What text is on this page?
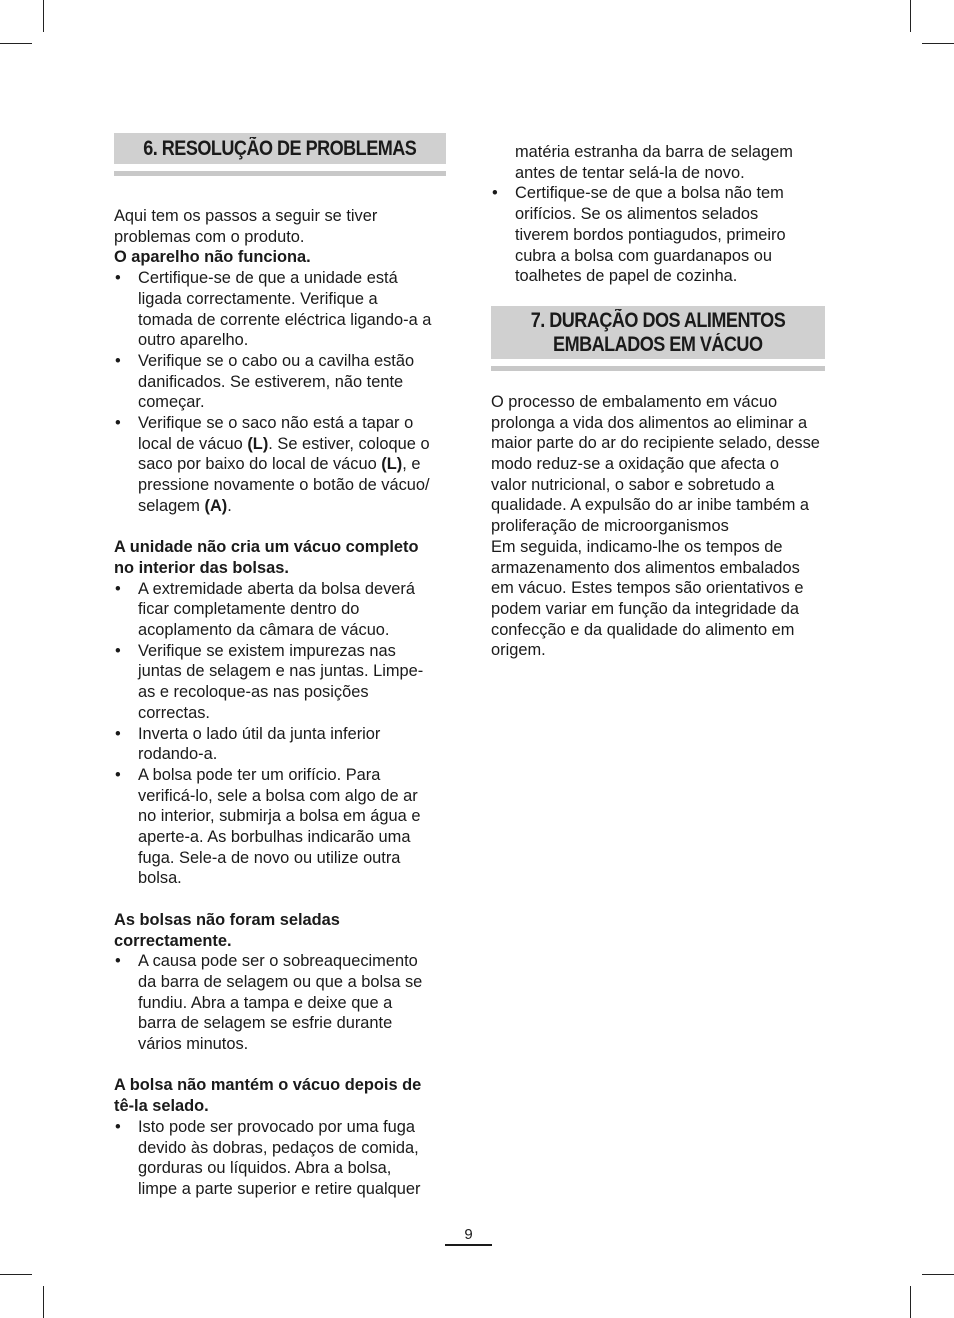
6. RESOLUÇÃO DE PROBLEMAS

Aqui tem os passos a seguir se tiver
problemas com o produto.

O aparelho não funciona.

• Certifique-se de que a unidade está
ligada correctamente. Verifique a
tomada de corrente eléctrica ligando-a a
outro aparelho.
• Verifique se o cabo ou a cavilha estão
danificados. Se estiverem, não tente
começar.
• Verifique se o saco não está a tapar o
local de vácuo (L). Se estiver, coloque o
saco por baixo do local de vácuo (L), e
pressione novamente o botão de vácuo/
selagem (A).

A unidade não cria um vácuo completo
no interior das bolsas.

• A extremidade aberta da bolsa deverá
ficar completamente dentro do
acoplamento da câmara de vácuo.
• Verifique se existem impurezas nas
juntas de selagem e nas juntas. Limpe-
as e recoloque-as nas posições
correctas.
• Inverta o lado útil da junta inferior
rodando-a.
• A bolsa pode ter um orifício. Para
verificá-lo, sele a bolsa com algo de ar
no interior, submirja a bolsa em água e
aperte-a. As borbulhas indicarão uma
fuga. Sele-a de novo ou utilize outra
bolsa.

As bolsas não foram seladas
correctamente.

• A causa pode ser o sobreaquecimento
da barra de selagem ou que a bolsa se
fundiu. Abra a tampa e deixe que a
barra de selagem se esfrie durante
vários minutos.

A bolsa não mantém o vácuo depois de
tê-la selado.

• Isto pode ser provocado por uma fuga
devido às dobras, pedaços de comida,
gorduras ou líquidos. Abra a bolsa,
limpe a parte superior e retire qualquer
matéria estranha da barra de selagem
antes de tentar selá-la de novo.
• Certifique-se de que a bolsa não tem
orifícios. Se os alimentos selados
tiverem bordos pontiagudos, primeiro
cubra a bolsa com guardanapos ou
toalhetes de papel de cozinha.
7. DURAÇÃO DOS ALIMENTOS
EMBALADOS EM VÁCUO

O processo de embalamento em vácuo
prolonga a vida dos alimentos ao eliminar a
maior parte do ar do recipiente selado, desse
modo reduz-se a oxidação que afecta o
valor nutricional, o sabor e sobretudo a
qualidade. A expulsão do ar inibe também a
proliferação de microorganismos
Em seguida, indicamo-lhe os tempos de
armazenamento dos alimentos embalados
em vácuo. Estes tempos são orientativos e
podem variar em função da integridade da
confecção e da qualidade do alimento em
origem.

9
